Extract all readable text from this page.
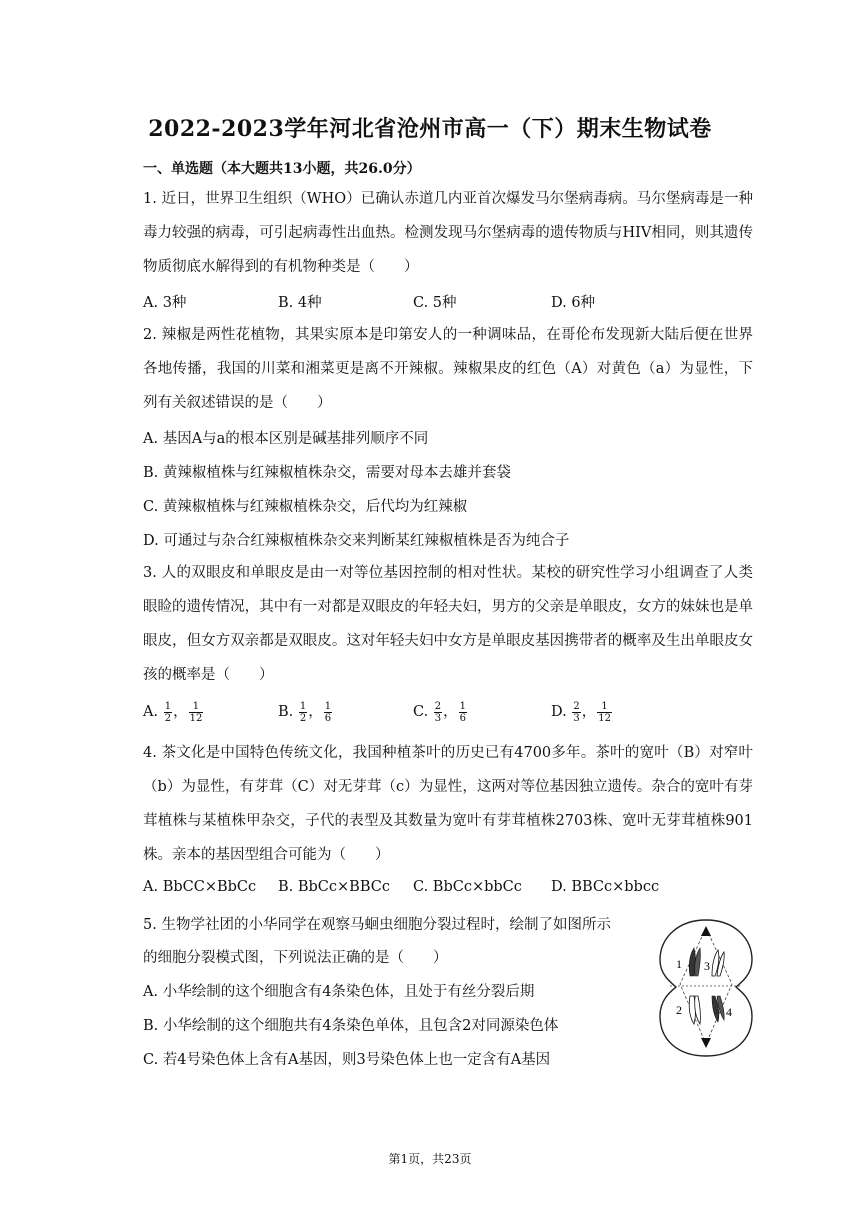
2022-2023学年河北省沧州市高一（下）期末生物试卷
一、单选题（本大题共13小题，共26.0分）
1. 近日，世界卫生组织（WHO）已确认赤道几内亚首次爆发马尔堡病毒病。马尔堡病毒是一种毒力较强的病毒，可引起病毒性出血热。检测发现马尔堡病毒的遗传物质与HIV相同，则其遗传物质彻底水解得到的有机物种类是（　　）
A. 3种	B. 4种	C. 5种	D. 6种
2. 辣椒是两性花植物，其果实原本是印第安人的一种调味品，在哥伦布发现新大陆后便在世界各地传播，我国的川菜和湘菜更是离不开辣椒。辣椒果皮的红色（A）对黄色（a）为显性，下列有关叙述错误的是（　　）
A. 基因A与a的根本区别是碱基排列顺序不同
B. 黄辣椒植株与红辣椒植株杂交，需要对母本去雄并套袋
C. 黄辣椒植株与红辣椒植株杂交，后代均为红辣椒
D. 可通过与杂合红辣椒植株杂交来判断某红辣椒植株是否为纯合子
3. 人的双眼皮和单眼皮是由一对等位基因控制的相对性状。某校的研究性学习小组调查了人类眼睑的遗传情况，其中有一对都是双眼皮的年轻夫妇，男方的父亲是单眼皮，女方的妹妹也是单眼皮，但女方双亲都是双眼皮。这对年轻夫妇中女方是单眼皮基因携带者的概率及生出单眼皮女孩的概率是（　　）
A. $\frac{1}{2}$ ， $\frac{1}{12}$	B. $\frac{1}{2}$ ， $\frac{1}{6}$	C. $\frac{2}{3}$ ， $\frac{1}{6}$	D. $\frac{2}{3}$ ， $\frac{1}{12}$
4. 茶文化是中国特色传统文化，我国种植茶叶的历史已有4700多年。茶叶的宽叶（B）对窄叶（b）为显性，有芽茸（C）对无芽茸（c）为显性，这两对等位基因独立遗传。杂合的宽叶有芽茸植株与某植株甲杂交，子代的表型及其数量为宽叶有芽茸植株2703株、宽叶无芽茸植株901株。亲本的基因型组合可能为（　　）
A. BbCC×BbCc B. BbCc×BBCc C. BbCc×bbCc D. BBCc×bbcc
5. 生物学社团的小华同学在观察马蛔虫细胞分裂过程时，绘制了如图所示
的细胞分裂模式图，下列说法正确的是（　　）
A. 小华绘制的这个细胞含有4条染色体，且处于有丝分裂后期
B. 小华绘制的这个细胞共有4条染色单体，且包含2对同源染色体
C. 若4号染色体上含有A基因，则3号染色体上也一定含有A基因
1 3
2	4
第1页，共23页
